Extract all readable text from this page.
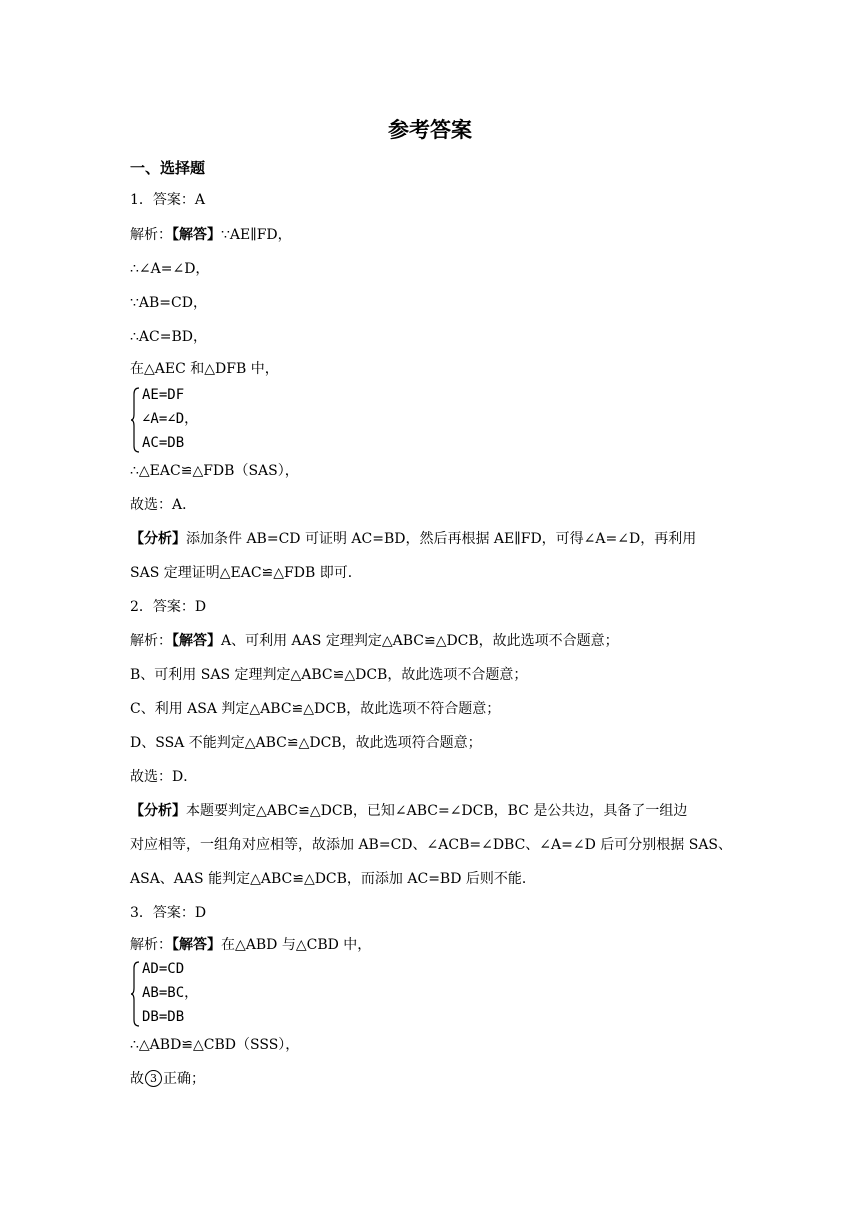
参考答案
一、选择题
1．答案：A
解析：【解答】∵AE∥FD，
∴∠A=∠D，
∵AB=CD，
∴AC=BD，
在△AEC 和△DFB 中，
AE=DF
∠A=∠D，
AC=DB
∴△EAC≌△FDB（SAS），
故选：A．
【分析】添加条件 AB=CD 可证明 AC=BD，然后再根据 AE∥FD，可得∠A=∠D，再利用
SAS 定理证明△EAC≌△FDB 即可．
2．答案：D
解析：【解答】A、可利用 AAS 定理判定△ABC≌△DCB，故此选项不合题意；
B、可利用 SAS 定理判定△ABC≌△DCB，故此选项不合题意；
C、利用 ASA 判定△ABC≌△DCB，故此选项不符合题意；
D、SSA 不能判定△ABC≌△DCB，故此选项符合题意；
故选：D．
【分析】本题要判定△ABC≌△DCB，已知∠ABC=∠DCB，BC 是公共边，具备了一组边
对应相等，一组角对应相等，故添加 AB=CD、∠ACB=∠DBC、∠A=∠D 后可分别根据 SAS、
ASA、AAS 能判定△ABC≌△DCB，而添加 AC=BD 后则不能．
3．答案：D
解析：【解答】在△ABD 与△CBD 中，
AD=CD
AB=BC，
DB=DB
∴△ABD≌△CBD（SSS），
故 3 正确；
